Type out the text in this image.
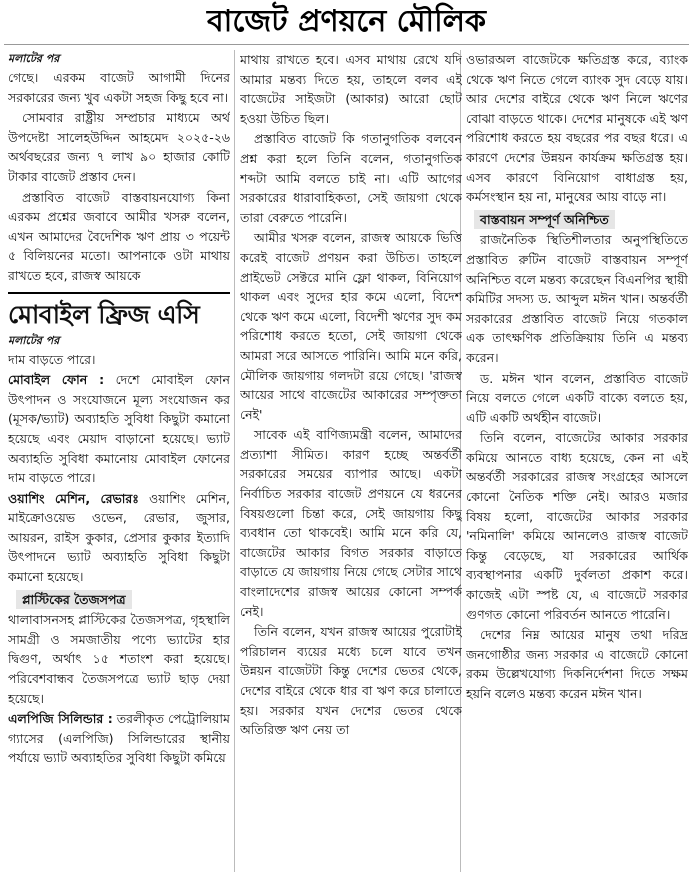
বাজেট প্রণয়নে মৌলিক

মলাটের পর

গেছে। এরকম বাজেট আগামী দিনের সরকারের জন্য খুব একটা সহজ কিছু হবে না।

সোমবার রাষ্ট্রীয় সম্প্রচার মাধ্যমে অর্থ উপদেষ্টা সালেহউদ্দিন আহমেদ ২০২৫-২৬ অর্থবছরের জন্য ৭ লাখ ৯০ হাজার কোটি টাকার বাজেট প্রস্তাব দেন।

প্রস্তাবিত বাজেট বাস্তবায়নযোগ্য কিনা এরকম প্রশ্নের জবাবে আমীর খসরু বলেন, এখন আমাদের বৈদেশিক ঋণ প্রায় ৩ পয়েন্ট ৫ বিলিয়নের মতো। আপনাকে ওটা মাথায় রাখতে হবে, রাজস্ব আয়কে

মোবাইল ফ্রিজ এসি

মলাটের পর

দাম বাড়তে পারে।

মোবাইল ফোন : দেশে মোবাইল ফোন উৎপাদন ও সংযোজনে মূল্য সংযোজন কর (মূসক/ভ্যাট) অব্যাহতি সুবিধা কিছুটা কমানো হয়েছে এবং মেয়াদ বাড়ানো হয়েছে। ভ্যাট অব্যাহতি সুবিধা কমানোয় মোবাইল ফোনের দাম বাড়তে পারে।

ওয়াশিং মেশিন, রেভারঃ ওয়াশিং মেশিন, মাইক্রোওয়েভ ওভেন, রেভার, জুসার, আয়রন, রাইস কুকার, প্রেসার কুকার ইত্যাদি উৎপাদনে ভ্যাট অব্যাহতি সুবিধা কিছুটা কমানো হয়েছে।

প্লাস্টিকের তৈজসপত্র

থালাবাসনসহ প্লাস্টিকের তৈজসপত্র, গৃহস্থালি সামগ্রী ও সমজাতীয় পণ্যে ভ্যাটের হার দ্বিগুণ, অর্থাৎ ১৫ শতাংশ করা হয়েছে। পরিবেশবান্ধব তৈজসপত্রে ভ্যাট ছাড় দেয়া হয়েছে।

এলপিজি সিলিন্ডার : তরলীকৃত পেট্রোলিয়াম গ্যাসের (এলপিজি) সিলিন্ডারের স্থানীয় পর্যায়ে ভ্যাট অব্যাহতির সুবিধা কিছুটা কমিয়ে

মাথায় রাখতে হবে। এসব মাথায় রেখে যদি আমার মন্তব্য দিতে হয়, তাহলে বলব এই বাজেটের সাইজটা (আকার) আরো ছোট হওয়া উচিত ছিল।

প্রস্তাবিত বাজেট কি গতানুগতিক বলবেন প্রশ্ন করা হলে তিনি বলেন, গতানুগতিক শব্দটা আমি বলতে চাই না। এটি আগের সরকারের ধারাবাহিকতা, সেই জায়গা থেকে তারা বেরুতে পারেনি।

আমীর খসরু বলেন, রাজস্ব আয়কে ভিত্তি করেই বাজেট প্রণয়ন করা উচিত। তাহলে প্রাইভেট সেক্টরে মানি ফ্লো থাকল, বিনিয়োগ থাকল এবং সুদের হার কমে এলো, বিদেশ থেকে ঋণ কমে এলো, বিদেশী ঋণের সুদ কম পরিশোধ করতে হতো, সেই জায়গা থেকে আমরা সরে আসতে পারিনি। আমি মনে করি, মৌলিক জায়গায় গলদটা রয়ে গেছে। 'রাজস্ব আয়ের সাথে বাজেটের আকারের সম্পৃক্ততা নেই'

সাবেক এই বাণিজ্যমন্ত্রী বলেন, আমাদের প্রত্যাশা সীমিত। কারণ হচ্ছে অন্তর্বর্তী সরকারের সময়ের ব্যাপার আছে। একটা নির্বাচিত সরকার বাজেট প্রণয়নে যে ধরনের বিষয়গুলো চিন্তা করে, সেই জায়গায় কিছু ব্যবধান তো থাকবেই। আমি মনে করি যে, বাজেটের আকার বিগত সরকার বাড়াতে বাড়াতে যে জায়গায় নিয়ে গেছে সেটার সাথে বাংলাদেশের রাজস্ব আয়ের কোনো সম্পর্ক নেই।

তিনি বলেন, যখন রাজস্ব আয়ের পুরোটাই পরিচালন ব্যয়ের মধ্যে চলে যাবে তখন উন্নয়ন বাজেটটা কিন্তু দেশের ভেতর থেকে, দেশের বাইরে থেকে ধার বা ঋণ করে চালাতে হয়। সরকার যখন দেশের ভেতর থেকে অতিরিক্ত ঋণ নেয় তা

ওভারঅল বাজেটকে ক্ষতিগ্রস্ত করে, ব্যাংক থেকে ঋণ নিতে গেলে ব্যাংক সুদ বেড়ে যায়। আর দেশের বাইরে থেকে ঋণ নিলে ঋণের বোঝা বাড়তে থাকে। দেশের মানুষকে এই ঋণ পরিশোধ করতে হয় বছরের পর বছর ধরে। এ কারণে দেশের উন্নয়ন কার্যক্রম ক্ষতিগ্রস্ত হয়। এসব কারণে বিনিয়োগ বাধাগ্রস্ত হয়, কর্মসংস্থান হয় না, মানুষের আয় বাড়ে না।

বাস্তবায়ন সম্পূর্ণ অনিশ্চিত

রাজনৈতিক স্থিতিশীলতার অনুপস্থিতিতে প্রস্তাবিত রুটিন বাজেট বাস্তবায়ন সম্পূর্ণ অনিশ্চিত বলে মন্তব্য করেছেন বিএনপির স্থায়ী কমিটির সদস্য ড. আব্দুল মঈন খান। অন্তর্বর্তী সরকারের প্রস্তাবিত বাজেট নিয়ে গতকাল এক তাৎক্ষণিক প্রতিক্রিয়ায় তিনি এ মন্তব্য করেন।

ড. মঈন খান বলেন, প্রস্তাবিত বাজেট নিয়ে বলতে গেলে একটি বাক্যে বলতে হয়, এটি একটি অর্থহীন বাজেট।

তিনি বলেন, বাজেটের আকার সরকার কমিয়ে আনতে বাধ্য হয়েছে, কেন না এই অন্তর্বর্তী সরকারের রাজস্ব সংগ্রহের আসলে কোনো নৈতিক শক্তি নেই। আরও মজার বিষয় হলো, বাজেটের আকার সরকার 'নমিনালি' কমিয়ে আনলেও রাজস্ব বাজেট কিন্তু বেড়েছে, যা সরকারের আর্থিক ব্যবস্থাপনার একটি দুর্বলতা প্রকাশ করে। কাজেই এটা স্পষ্ট যে, এ বাজেটে সরকার গুণগত কোনো পরিবর্তন আনতে পারেনি।

দেশের নিম্ন আয়ের মানুষ তথা দরিদ্র জনগোষ্ঠীর জন্য সরকার এ বাজেটে কোনো রকম উল্লেখযোগ্য দিকনির্দেশনা দিতে সক্ষম হয়নি বলেও মন্তব্য করেন মঈন খান।
